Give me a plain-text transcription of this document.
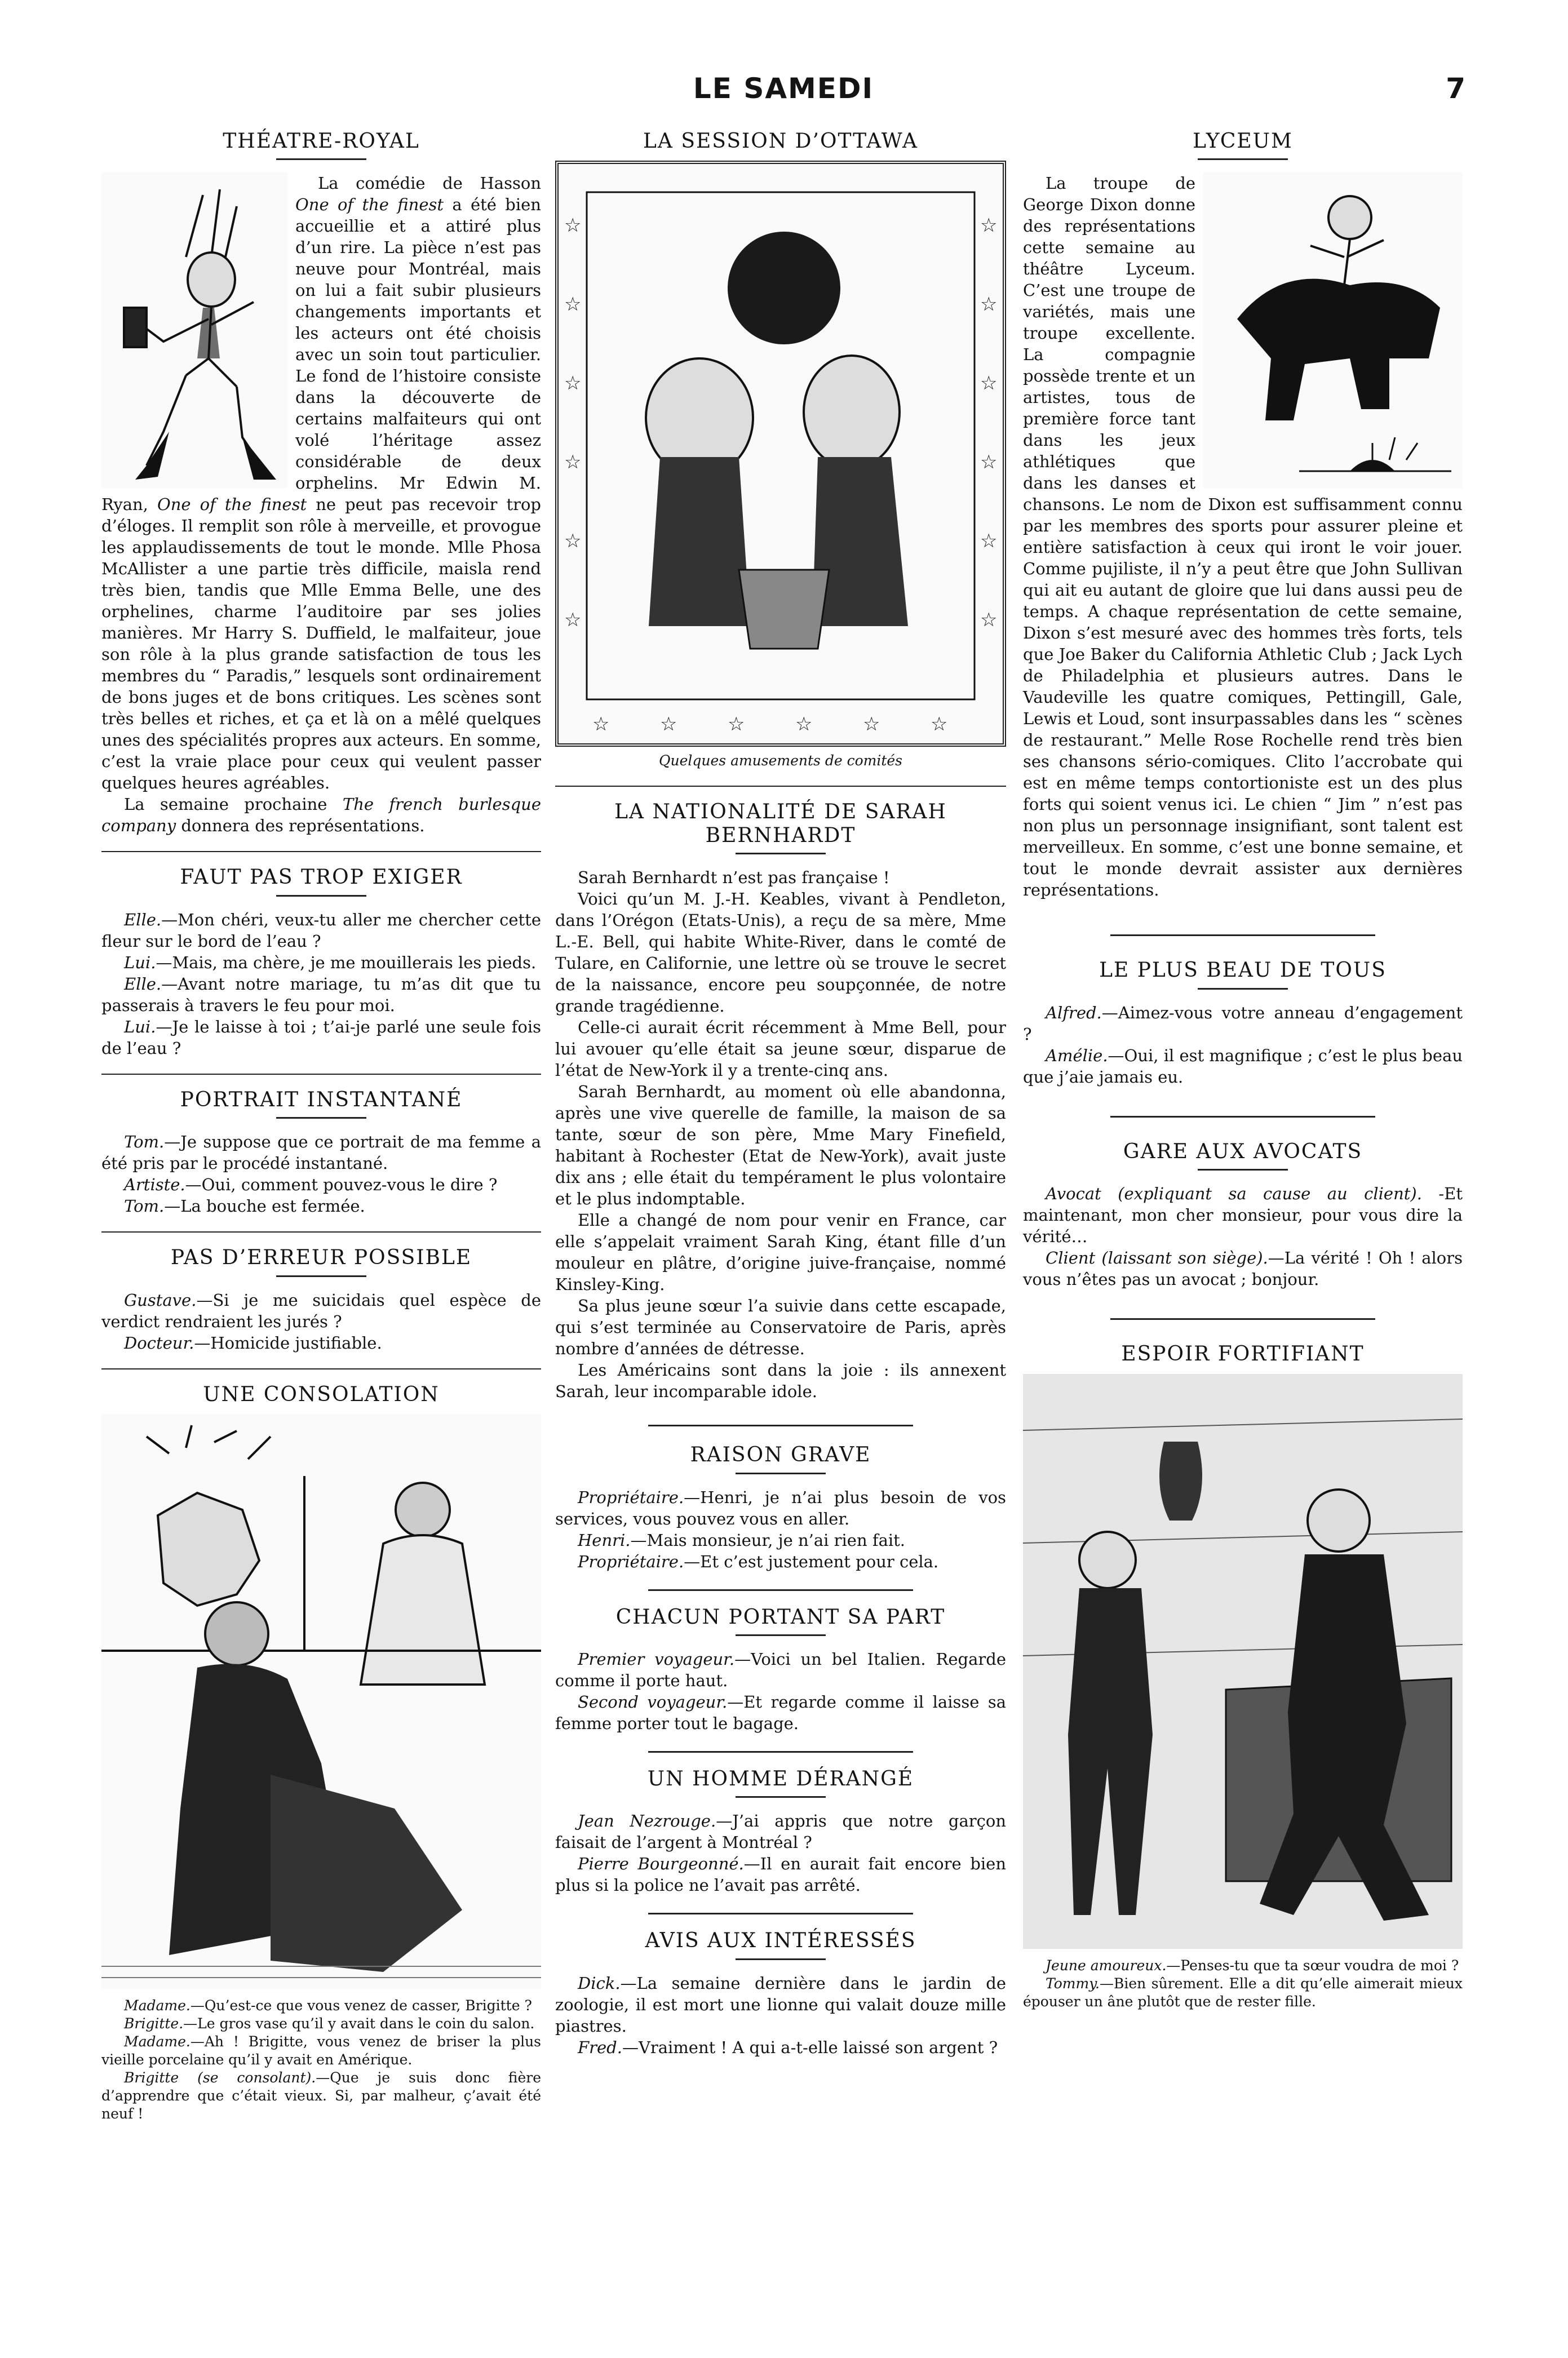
LE SAMEDI	7
THÉATRE-ROYAL

La comédie de Hasson One of the finest a été bien accueillie et a attiré plus d’un rire. La pièce n’est pas neuve pour Montréal, mais on lui a fait subir plusieurs changements importants et les acteurs ont été choisis avec un soin tout particulier. Le fond de l’histoire consiste dans la découverte de certains malfaiteurs qui ont volé l’héritage assez considérable de deux orphelins. Mr Edwin M. Ryan, One of the finest ne peut pas recevoir trop d’éloges. Il remplit son rôle à merveille, et provogue les applaudissements de tout le monde. Mlle Phosa McAllister a une partie très difficile, maisla rend très bien, tandis que Mlle Emma Belle, une des orphelines, charme l’auditoire par ses jolies manières. Mr Harry S. Duffield, le malfaiteur, joue son rôle à la plus grande satisfaction de tous les membres du “ Paradis,” lesquels sont ordinairement de bons juges et de bons critiques. Les scènes sont très belles et riches, et ça et là on a mêlé quelques unes des spécialités propres aux acteurs. En somme, c’est la vraie place pour ceux qui veulent passer quelques heures agréables.

La semaine prochaine The french burlesque company donnera des représentations.

FAUT PAS TROP EXIGER

Elle.—Mon chéri, veux-tu aller me chercher cette fleur sur le bord de l’eau ?

Lui.—Mais, ma chère, je me mouillerais les pieds.

Elle.—Avant notre mariage, tu m’as dit que tu passerais à travers le feu pour moi.

Lui.—Je le laisse à toi ; t’ai-je parlé une seule fois de l’eau ?

PORTRAIT INSTANTANÉ

Tom.—Je suppose que ce portrait de ma femme a été pris par le procédé instantané.

Artiste.—Oui, comment pouvez-vous le dire ?

Tom.—La bouche est fermée.

PAS D’ERREUR POSSIBLE

Gustave.—Si je me suicidais quel espèce de verdict rendraient les jurés ?

Docteur.—Homicide justifiable.

UNE CONSOLATION

Madame.—Qu’est-ce que vous venez de casser, Brigitte ?

Brigitte.—Le gros vase qu’il y avait dans le coin du salon.

Madame.—Ah ! Brigitte, vous venez de briser la plus vieille porcelaine qu’il y avait en Amérique.

Brigitte (se consolant).—Que je suis donc fière d’apprendre que c’était vieux. Si, par malheur, ç’avait été neuf !

LA SESSION D’OTTAWA
☆
☆
☆
☆
☆
☆
☆
☆
☆
☆
☆
☆
☆	☆	☆	☆	☆	☆
Quelques amusements de comités
LA NATIONALITÉ DE SARAH BERNHARDT

Sarah Bernhardt n’est pas française !

Voici qu’un M. J.-H. Keables, vivant à Pendleton, dans l’Orégon (Etats-Unis), a reçu de sa mère, Mme L.-E. Bell, qui habite White-River, dans le comté de Tulare, en Californie, une lettre où se trouve le secret de la naissance, encore peu soupçonnée, de notre grande tragédienne.

Celle-ci aurait écrit récemment à Mme Bell, pour lui avouer qu’elle était sa jeune sœur, disparue de l’état de New-York il y a trente-cinq ans.

Sarah Bernhardt, au moment où elle abandonna, après une vive querelle de famille, la maison de sa tante, sœur de son père, Mme Mary Finefield, habitant à Rochester (Etat de New-York), avait juste dix ans ; elle était du tempérament le plus volontaire et le plus indomptable.

Elle a changé de nom pour venir en France, car elle s’appelait vraiment Sarah King, étant fille d’un mouleur en plâtre, d’origine juive-française, nommé Kinsley-King.

Sa plus jeune sœur l’a suivie dans cette escapade, qui s’est terminée au Conservatoire de Paris, après nombre d’années de détresse.

Les Américains sont dans la joie : ils annexent Sarah, leur incomparable idole.

RAISON GRAVE

Propriétaire.—Henri, je n’ai plus besoin de vos services, vous pouvez vous en aller.

Henri.—Mais monsieur, je n’ai rien fait.

Propriétaire.—Et c’est justement pour cela.

CHACUN PORTANT SA PART

Premier voyageur.—Voici un bel Italien. Regarde comme il porte haut.

Second voyageur.—Et regarde comme il laisse sa femme porter tout le bagage.

UN HOMME DÉRANGÉ

Jean Nezrouge.—J’ai appris que notre garçon faisait de l’argent à Montréal ?

Pierre Bourgeonné.—Il en aurait fait encore bien plus si la police ne l’avait pas arrêté.

AVIS AUX INTÉRESSÉS

Dick.—La semaine dernière dans le jardin de zoologie, il est mort une lionne qui valait douze mille piastres.

Fred.—Vraiment ! A qui a-t-elle laissé son argent ?

LYCEUM

La troupe de George Dixon donne des représentations cette semaine au théâtre Lyceum. C’est une troupe de variétés, mais une troupe excellente. La compagnie possède trente et un artistes, tous de première force tant dans les jeux athlétiques que dans les danses et chansons. Le nom de Dixon est suffisamment connu par les membres des sports pour assurer pleine et entière satisfaction à ceux qui iront le voir jouer. Comme pujiliste, il n’y a peut être que John Sullivan qui ait eu autant de gloire que lui dans aussi peu de temps. A chaque représentation de cette semaine, Dixon s’est mesuré avec des hommes très forts, tels que Joe Baker du California Athletic Club ; Jack Lych de Philadelphia et plusieurs autres. Dans le Vaudeville les quatre comiques, Pettingill, Gale, Lewis et Loud, sont insurpassables dans les “ scènes de restaurant.” Melle Rose Rochelle rend très bien ses chansons sério-comiques. Clito l’accrobate qui est en même temps contortioniste est un des plus forts qui soient venus ici. Le chien “ Jim ” n’est pas non plus un personnage insignifiant, sont talent est merveilleux. En somme, c’est une bonne semaine, et tout le monde devrait assister aux dernières représentations.

LE PLUS BEAU DE TOUS

Alfred.—Aimez-vous votre anneau d’engagement ?

Amélie.—Oui, il est magnifique ; c’est le plus beau que j’aie jamais eu.

GARE AUX AVOCATS

Avocat (expliquant sa cause au client). -Et maintenant, mon cher monsieur, pour vous dire la vérité…

Client (laissant son siège).—La vérité ! Oh ! alors vous n’êtes pas un avocat ; bonjour.

ESPOIR FORTIFIANT

Jeune amoureux.—Penses-tu que ta sœur voudra de moi ?

Tommy.—Bien sûrement. Elle a dit qu’elle aimerait mieux épouser un âne plutôt que de rester fille.
